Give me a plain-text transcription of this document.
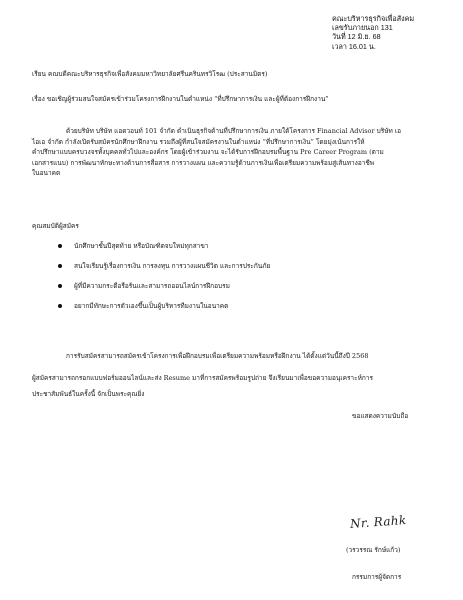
คณะบริหารธุรกิจเพื่อสังคม
เลขรับภายนอก 131
วันที่ 12 มิ.ย. 68
เวลา 16.01 น.
เรียน คณบดีคณะบริหารธุรกิจเพื่อสังคมมหาวิทยาลัยศรีนครินทรวิโรฒ (ประสานมิตร)
เรื่อง ขอเชิญผู้ร่วมสนใจสมัครเข้าร่วมโครงการฝึกงานในตำแหน่ง “ที่ปรึกษาการเงิน และผู้ที่ต้องการฝึกงาน”
ด้วยบริษัท บริษัท แอดวอนท์ 101 จำกัด ดำเนินธุรกิจด้านที่ปรึกษาการเงิน ภายใต้โครงการ Financial Advisor บริษัท เอ
ไอเอ จำกัด กำลังเปิดรับสมัครนักศึกษาฝึกงาน รวมถึงผู้ที่สนใจสมัครงานในตำแหน่ง “ที่ปรึกษาการเงิน” โดยมุ่งเน้นการให้
คำปรึกษาแบบครบวงจรทั้งบุคคลทั่วไปและองค์กร โดยผู้เข้าร่วมงาน จะได้รับการฝึกอบรมพื้นฐาน Pre Career Program (ตาม
เอกสารแนบ) การพัฒนาทักษะทางด้านการสื่อสาร การวางแผน และความรู้ด้านการเงินเพื่อเตรียมความพร้อมสู่เส้นทางอาชีพ
ในอนาคต
คุณสมบัติผู้สมัคร
นักศึกษาชั้นปีสุดท้าย หรือบัณฑิตจบใหม่ทุกสาขา
สนใจเรียนรู้เรื่องการเงิน การลงทุน การวางแผนชีวิต และการประกันภัย
ผู้ที่มีความกระตือรือร้นและสามารถออนไลน์การฝึกอบรม
อยากมีทักษะการตัวเองขึ้นเป็นผู้บริหารทีมงานในอนาคต
การรับสมัครสามารถสมัครเข้าโครงการเพื่อฝึกอบรมเพื่อเตรียมความพร้อมหรือฝึกงาน ได้ตั้งแต่วันนี้ถึงปี 2568
ผู้สมัครสามารถกรอกแบบฟอร์มออนไลน์และส่ง Resume มาที่การสมัครพร้อมรูปถ่าย จึงเรียนมาเพื่อขอความอนุเคราะห์การ
ประชาสัมพันธ์ในครั้งนี้ จักเป็นพระคุณยิ่ง
ขอแสดงความนับถือ
Nr. Rahk
(วรวรรณ รักษ์แก้ว)
กรรมการผู้จัดการ
